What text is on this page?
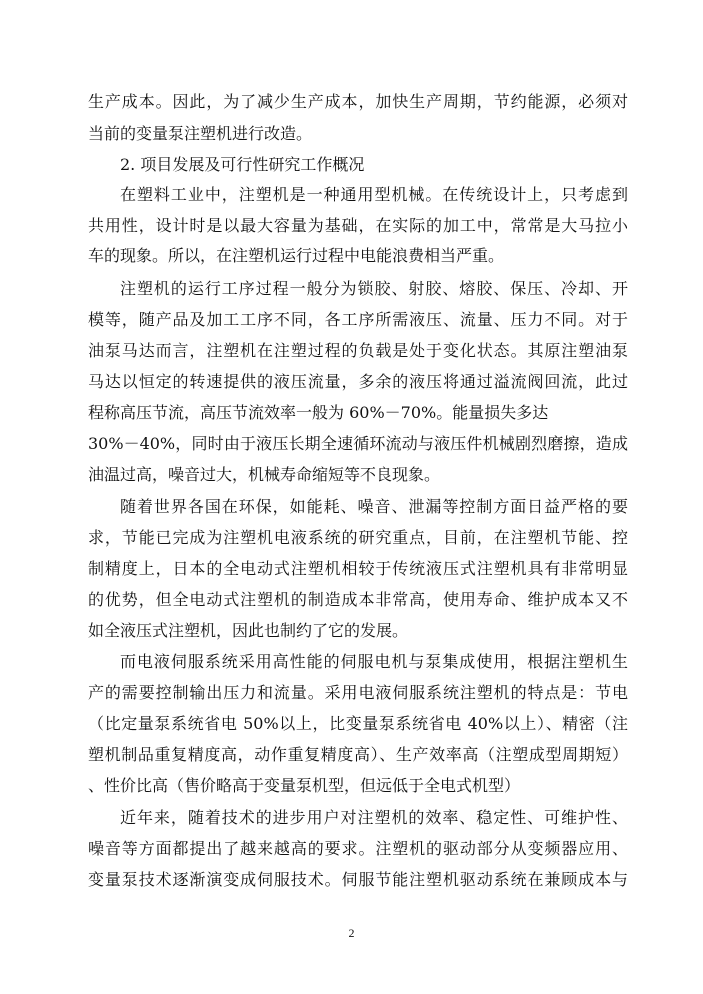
生产成本。因此，为了减少生产成本，加快生产周期，节约能源，必须对
当前的变量泵注塑机进行改造。
2. 项目发展及可行性研究工作概况
在塑料工业中，注塑机是一种通用型机械。在传统设计上，只考虑到
共用性，设计时是以最大容量为基础，在实际的加工中，常常是大马拉小
车的现象。所以，在注塑机运行过程中电能浪费相当严重。
注塑机的运行工序过程一般分为锁胶、射胶、熔胶、保压、冷却、开
模等，随产品及加工工序不同，各工序所需液压、流量、压力不同。对于
油泵马达而言，注塑机在注塑过程的负载是处于变化状态。其原注塑油泵
马达以恒定的转速提供的液压流量，多余的液压将通过溢流阀回流，此过
程称高压节流，高压节流效率一般为 60%－70%。能量损失多达
30%－40%，同时由于液压长期全速循环流动与液压件机械剧烈磨擦，造成
油温过高，噪音过大，机械寿命缩短等不良现象。
随着世界各国在环保，如能耗、噪音、泄漏等控制方面日益严格的要
求，节能已完成为注塑机电液系统的研究重点，目前，在注塑机节能、控
制精度上，日本的全电动式注塑机相较于传统液压式注塑机具有非常明显
的优势，但全电动式注塑机的制造成本非常高，使用寿命、维护成本又不
如全液压式注塑机，因此也制约了它的发展。
而电液伺服系统采用高性能的伺服电机与泵集成使用，根据注塑机生
产的需要控制输出压力和流量。采用电液伺服系统注塑机的特点是：节电
（比定量泵系统省电 50%以上，比变量泵系统省电 40%以上）、精密（注
塑机制品重复精度高，动作重复精度高）、生产效率高（注塑成型周期短）
、性价比高（售价略高于变量泵机型，但远低于全电式机型）
近年来，随着技术的进步用户对注塑机的效率、稳定性、可维护性、
噪音等方面都提出了越来越高的要求。注塑机的驱动部分从变频器应用、
变量泵技术逐渐演变成伺服技术。伺服节能注塑机驱动系统在兼顾成本与
2
